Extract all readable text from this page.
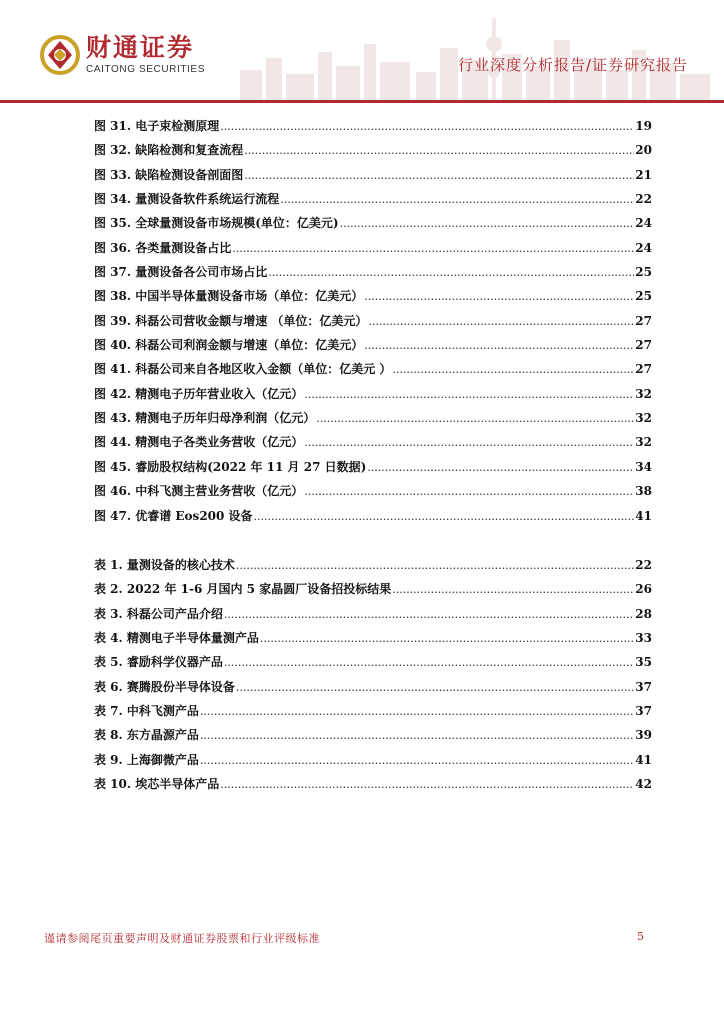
财通证券
CAITONG SECURITIES	行业深度分析报告/证券研究报告
图 31. 电子束检测原理 .....	19
图 32. 缺陷检测和复查流程 .....	20
图 33. 缺陷检测设备剖面图 .....	21
图 34. 量测设备软件系统运行流程 .....	22
图 35. 全球量测设备市场规模(单位：亿美元) .....	24
图 36. 各类量测设备占比 .....	24
图 37. 量测设备各公司市场占比 .....	25
图 38. 中国半导体量测设备市场（单位：亿美元） .....	25
图 39. 科磊公司营收金额与增速 （单位：亿美元） .....	27
图 40. 科磊公司利润金额与增速（单位：亿美元） .....	27
图 41. 科磊公司来自各地区收入金额（单位：亿美元 ） .....	27
图 42. 精测电子历年营业收入（亿元） .....	32
图 43. 精测电子历年归母净利润（亿元） .....	32
图 44. 精测电子各类业务营收（亿元） .....	32
图 45. 睿励股权结构(2022 年 11 月 27 日数据) .....	34
图 46. 中科飞测主营业务营收（亿元） .....	38
图 47. 优睿谱 Eos200 设备 .....	41
表 1. 量测设备的核心技术 .....	22
表 2. 2022 年 1-6 月国内 5 家晶圆厂设备招投标结果 .....	26
表 3. 科磊公司产品介绍 .....	28
表 4. 精测电子半导体量测产品 .....	33
表 5. 睿励科学仪器产品 .....	35
表 6. 赛腾股份半导体设备 .....	37
表 7. 中科飞测产品 .....	37
表 8. 东方晶源产品 .....	39
表 9. 上海御微产品 .....	41
表 10. 埃芯半导体产品 .....	42
谨请参阅尾页重要声明及财通证券股票和行业评级标准	5
